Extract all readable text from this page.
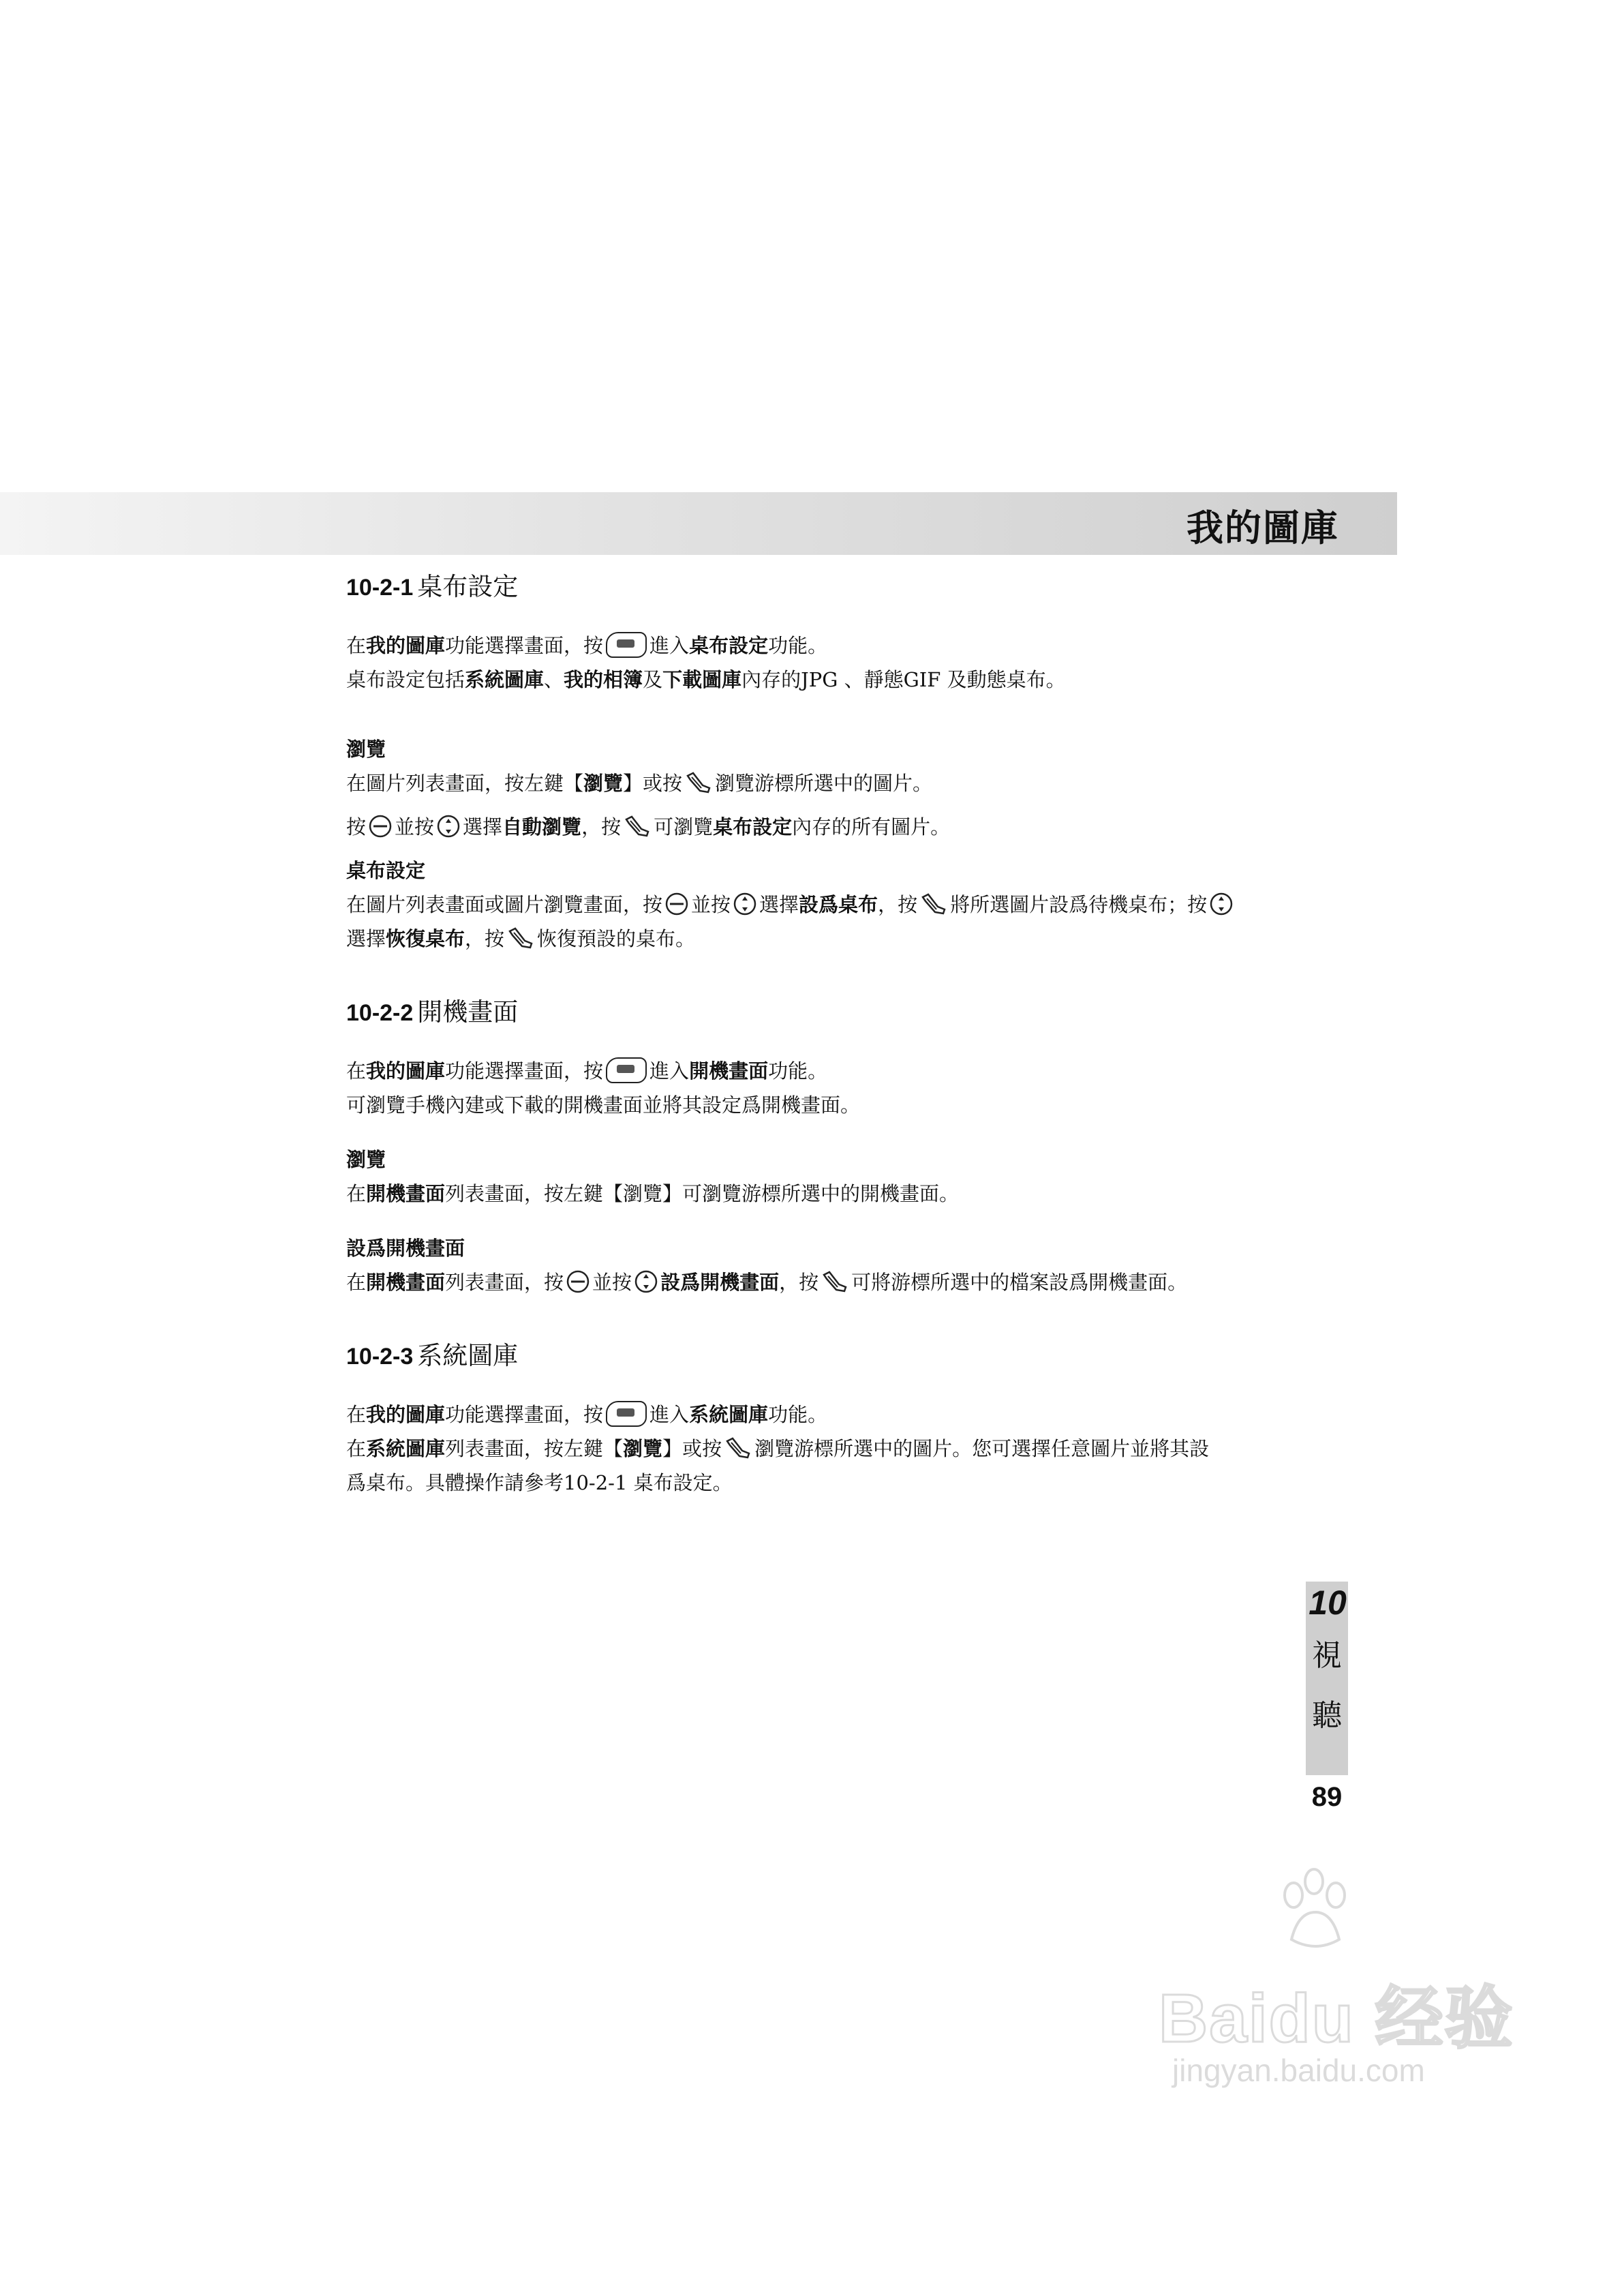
我的圖庫
10-2-1 桌布設定

在我的圖庫功能選擇畫面，按 進入桌布設定功能。

桌布設定包括系統圖庫、我的相簿及下載圖庫內存的JPG 、靜態GIF 及動態桌布。

瀏覽

在圖片列表畫面，按左鍵【瀏覽】或按 瀏覽游標所選中的圖片。

按 並按 選擇自動瀏覽，按 可瀏覽桌布設定內存的所有圖片。

桌布設定

在圖片列表畫面或圖片瀏覽畫面，按 並按 選擇設爲桌布，按 將所選圖片設爲待機桌布；按

選擇恢復桌布，按 恢復預設的桌布。

10-2-2 開機畫面

在我的圖庫功能選擇畫面，按 進入開機畫面功能。

可瀏覽手機內建或下載的開機畫面並將其設定爲開機畫面。

瀏覽

在開機畫面列表畫面，按左鍵【瀏覽】可瀏覽游標所選中的開機畫面。

設爲開機畫面

在開機畫面列表畫面，按 並按 設爲開機畫面，按 可將游標所選中的檔案設爲開機畫面。

10-2-3 系統圖庫

在我的圖庫功能選擇畫面，按 進入系統圖庫功能。

在系統圖庫列表畫面，按左鍵【瀏覽】或按 瀏覽游標所選中的圖片。您可選擇任意圖片並將其設

爲桌布。具體操作請參考10-2-1 桌布設定。

10
視
聽
89
Baidu 经验
jingyan.baidu.com
